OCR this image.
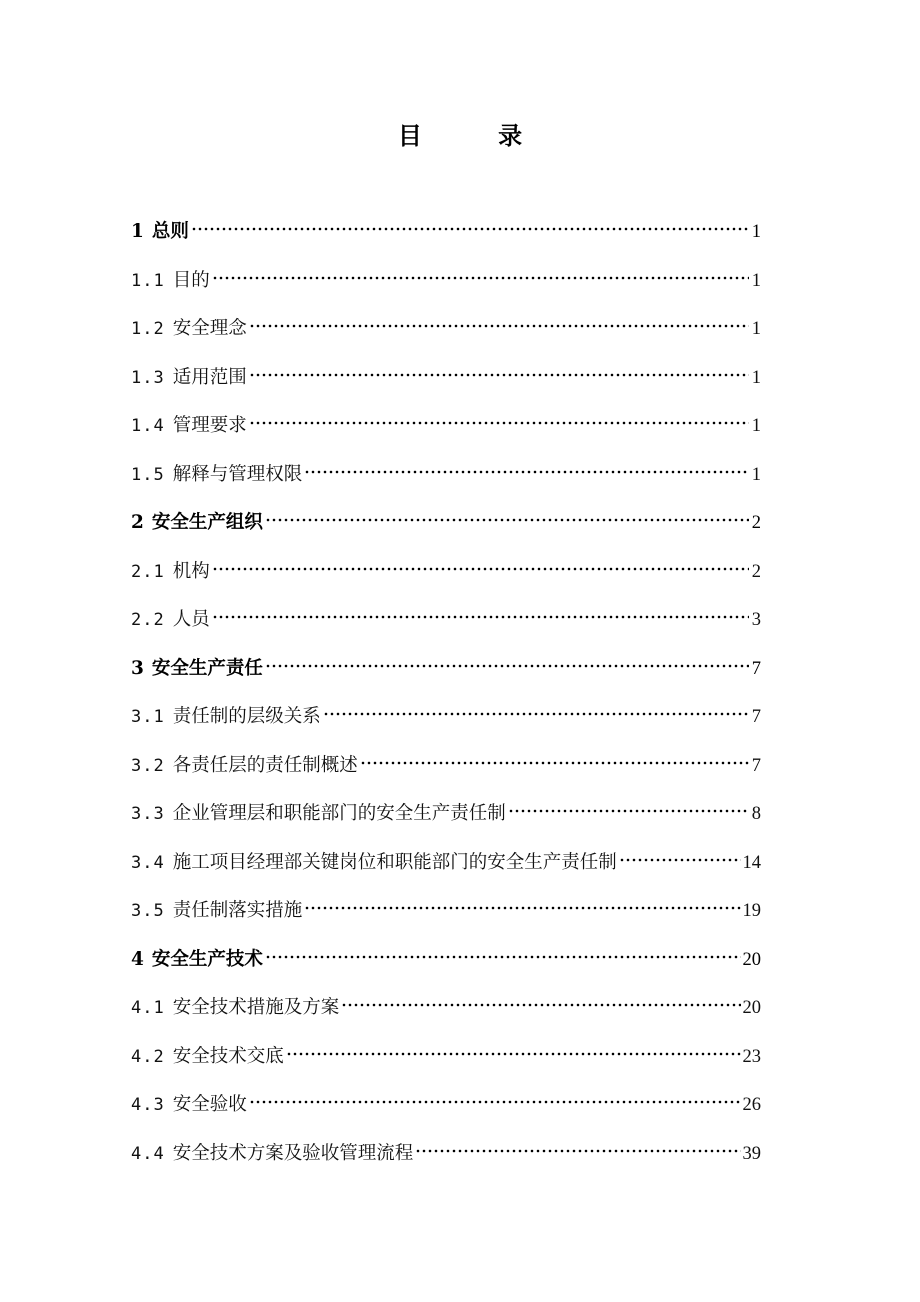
目 录
1 总则	1
1.1 目的	1
1.2 安全理念	1
1.3 适用范围	1
1.4 管理要求	1
1.5 解释与管理权限	1
2 安全生产组织	2
2.1 机构	2
2.2 人员	3
3 安全生产责任	7
3.1 责任制的层级关系	7
3.2 各责任层的责任制概述	7
3.3 企业管理层和职能部门的安全生产责任制	8
3.4 施工项目经理部关键岗位和职能部门的安全生产责任制	14
3.5 责任制落实措施	19
4 安全生产技术	20
4.1 安全技术措施及方案	20
4.2 安全技术交底	23
4.3 安全验收	26
4.4 安全技术方案及验收管理流程	39
